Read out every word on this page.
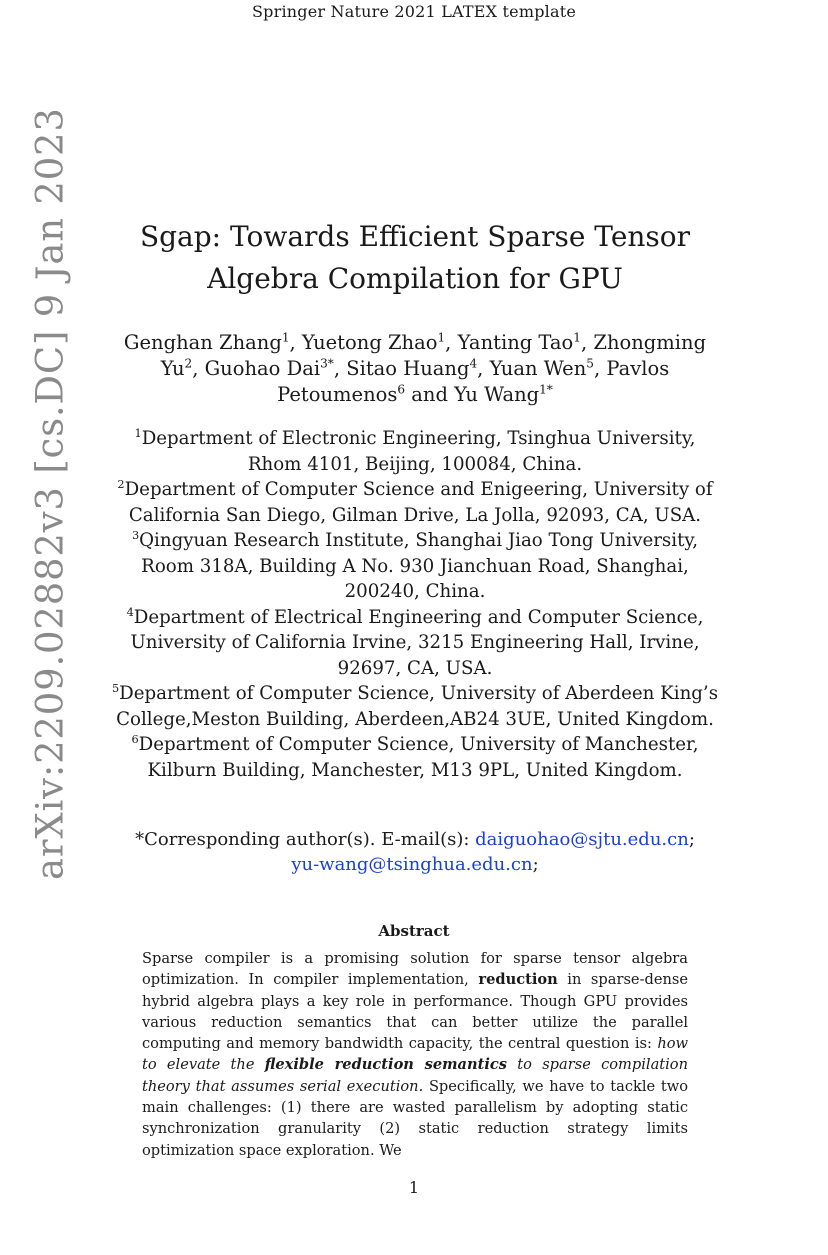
Springer Nature 2021 LATEX template
arXiv:2209.02882v3 [cs.DC] 9 Jan 2023	Sgap: Towards Efficient Sparse Tensor
Algebra Compilation for GPU
Genghan Zhang$^1$, Yuetong Zhao$^1$, Yanting Tao$^1$, Zhongming Yu$^2$, Guohao Dai$^{3*}$, Sitao Huang$^4$, Yuan Wen$^5$, Pavlos Petoumenos$^6$ and Yu Wang$^{1*}$
$^1$Department of Electronic Engineering, Tsinghua University, Rhom 4101, Beijing, 100084, China.
$^2$Department of Computer Science and Enigeering, University of California San Diego, Gilman Drive, La Jolla, 92093, CA, USA.
$^3$Qingyuan Research Institute, Shanghai Jiao Tong University, Room 318A, Building A No. 930 Jianchuan Road, Shanghai, 200240, China.
$^4$Department of Electrical Engineering and Computer Science, University of California Irvine, 3215 Engineering Hall, Irvine, 92697, CA, USA.
$^5$Department of Computer Science, University of Aberdeen King’s College,Meston Building, Aberdeen,AB24 3UE, United Kingdom.
$^6$Department of Computer Science, University of Manchester, Kilburn Building, Manchester, M13 9PL, United Kingdom.
*Corresponding author(s). E-mail(s): daiguohao@sjtu.edu.cn;
yu-wang@tsinghua.edu.cn;
Abstract
Sparse compiler is a promising solution for sparse tensor algebra optimization. In compiler implementation, reduction in sparse-dense hybrid algebra plays a key role in performance. Though GPU provides various reduction semantics that can better utilize the parallel computing and memory bandwidth capacity, the central question is: how to elevate the flexible reduction semantics to sparse compilation theory that assumes serial execution. Specifically, we have to tackle two main challenges: (1) there are wasted parallelism by adopting static synchronization granularity (2) static reduction strategy limits optimization space exploration. We
1
